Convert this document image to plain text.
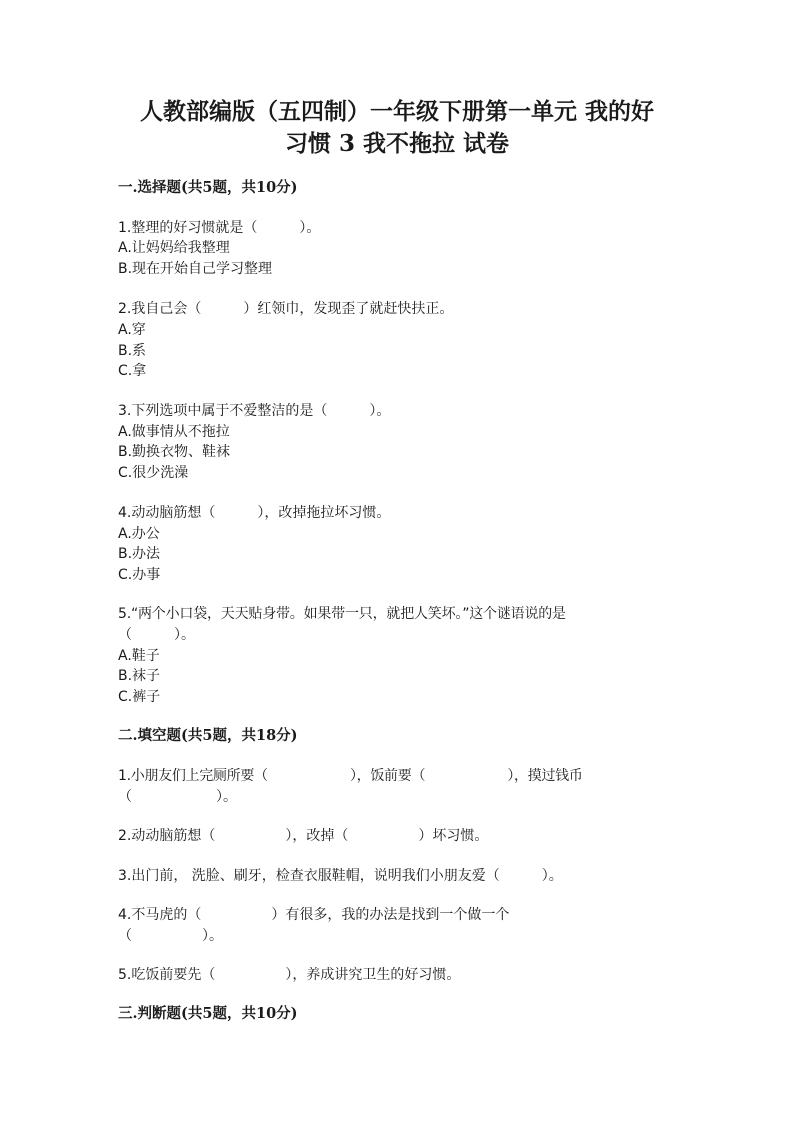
人教部编版（五四制）一年级下册第一单元 我的好
习惯 3 我不拖拉 试卷
一.选择题(共5题，共10分)
1.整理的好习惯就是（　　　）。
A.让妈妈给我整理
B.现在开始自己学习整理
2.我自己会（　　　）红领巾，发现歪了就赶快扶正。
A.穿
B.系
C.拿
3.下列选项中属于不爱整洁的是（　　　）。
A.做事情从不拖拉
B.勤换衣物、鞋袜
C.很少洗澡
4.动动脑筋想（　　　），改掉拖拉坏习惯。
A.办公
B.办法
C.办事
5.“两个小口袋，天天贴身带。如果带一只，就把人笑坏。”这个谜语说的是
（　　　）。
A.鞋子
B.袜子
C.裤子
二.填空题(共5题，共18分)
1.小朋友们上完厕所要（　　　　　　），饭前要（　　　　　　），摸过钱币
（　　　　　　）。
2.动动脑筋想（　　　　　），改掉（　　　　　）坏习惯。
3.出门前， 洗脸、刷牙，检查衣服鞋帽，说明我们小朋友爱（　　　）。
4.不马虎的（　　　　　）有很多，我的办法是找到一个做一个
（　　　　　）。
5.吃饭前要先（　　　　　），养成讲究卫生的好习惯。
三.判断题(共5题，共10分)
